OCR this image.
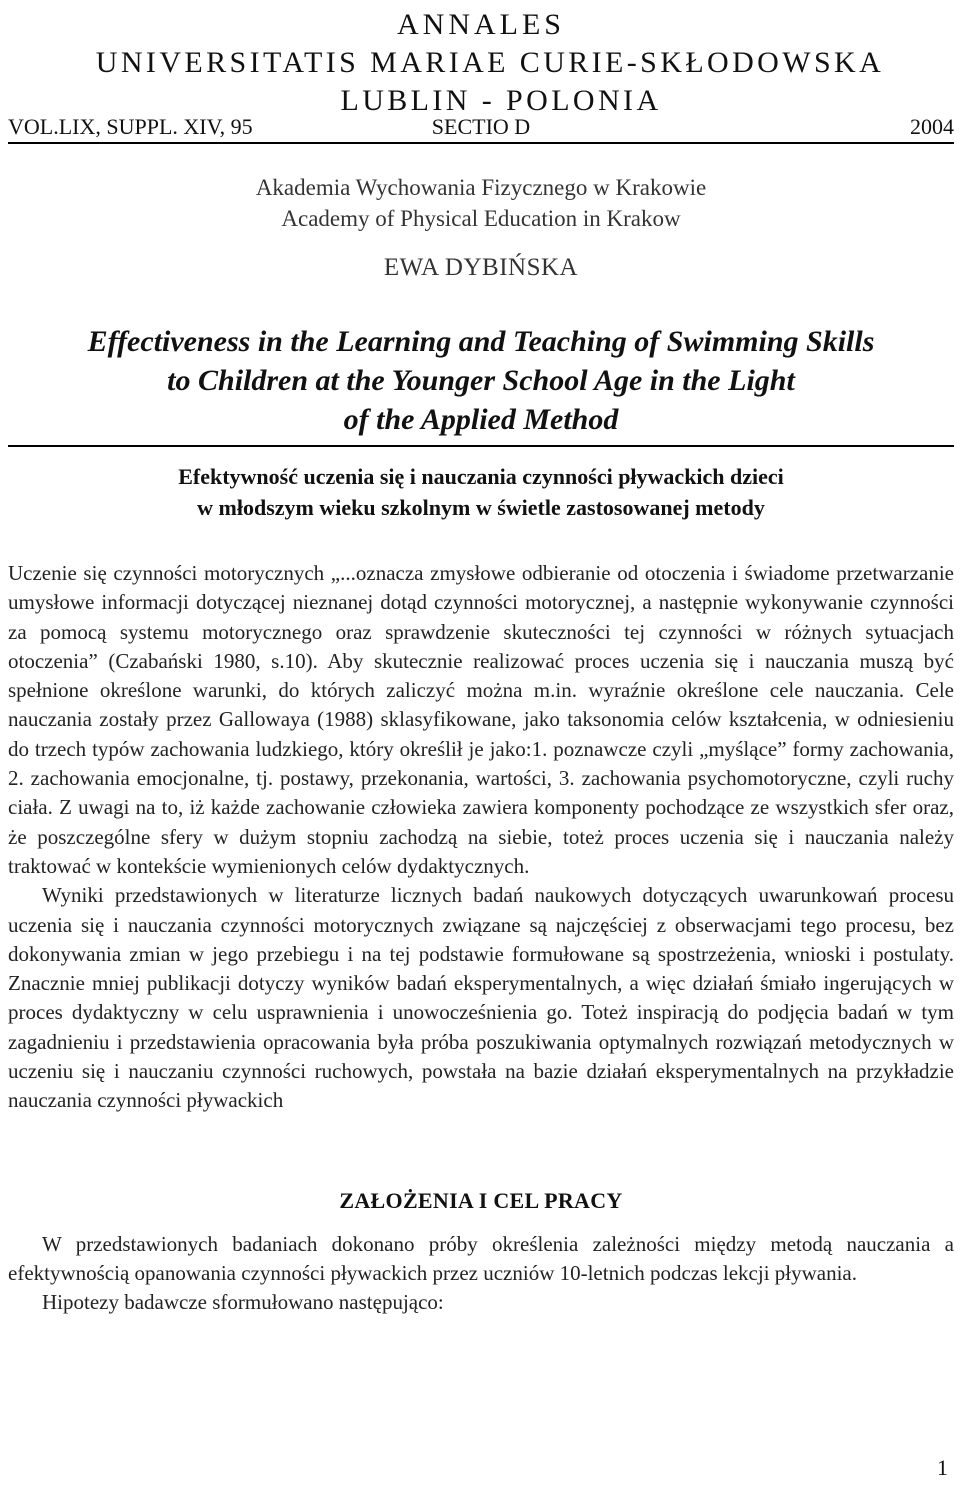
ANNALES
UNIVERSITATIS MARIAE CURIE-SKŁODOWSKA
LUBLIN - POLONIA
VOL.LIX, SUPPL. XIV, 95	SECTIO D	2004
Akademia Wychowania Fizycznego w Krakowie
Academy of Physical Education in Krakow
EWA DYBIŃSKA
Effectiveness in the Learning and Teaching of Swimming Skills
to Children at the Younger School Age in the Light
of the Applied Method
Efektywność uczenia się i nauczania czynności pływackich dzieci
w młodszym wieku szkolnym w świetle zastosowanej metody

Uczenie się czynności motorycznych „...oznacza zmysłowe odbieranie od otoczenia i świadome przetwarzanie umysłowe informacji dotyczącej nieznanej dotąd czynności motorycznej, a następnie wykonywanie czynności za pomocą systemu motorycznego oraz sprawdzenie skuteczności tej czynności w różnych sytuacjach otoczenia” (Czabański 1980, s.10). Aby skutecznie realizować proces uczenia się i nauczania muszą być spełnione określone warunki, do których zaliczyć można m.in. wyraźnie określone cele nauczania. Cele nauczania zostały przez Gallowaya (1988) sklasyfikowane, jako taksonomia celów kształcenia, w odniesieniu do trzech typów zachowania ludzkiego, który określił je jako:1. poznawcze czyli „myślące” formy zachowania, 2. zachowania emocjonalne, tj. postawy, przekonania, wartości, 3. zachowania psychomotoryczne, czyli ruchy ciała. Z uwagi na to, iż każde zachowanie człowieka zawiera komponenty pochodzące ze wszystkich sfer oraz, że poszczególne sfery w dużym stopniu zachodzą na siebie, toteż proces uczenia się i nauczania należy traktować w kontekście wymienionych celów dydaktycznych.

Wyniki przedstawionych w literaturze licznych badań naukowych dotyczących uwarunkowań procesu uczenia się i nauczania czynności motorycznych związane są najczęściej z obserwacjami tego procesu, bez dokonywania zmian w jego przebiegu i na tej podstawie formułowane są spostrzeżenia, wnioski i postulaty. Znacznie mniej publikacji dotyczy wyników badań eksperymentalnych, a więc działań śmiało ingerujących w proces dydaktyczny w celu usprawnienia i unowocześnienia go. Toteż inspiracją do podjęcia badań w tym zagadnieniu i przedstawienia opracowania była próba poszukiwania optymalnych rozwiązań metodycznych w uczeniu się i nauczaniu czynności ruchowych, powstała na bazie działań eksperymentalnych na przykładzie nauczania czynności pływackich

ZAŁOŻENIA I CEL PRACY

W przedstawionych badaniach dokonano próby określenia zależności między metodą nauczania a efektywnością opanowania czynności pływackich przez uczniów 10-letnich podczas lekcji pływania.

Hipotezy badawcze sformułowano następująco:

1
